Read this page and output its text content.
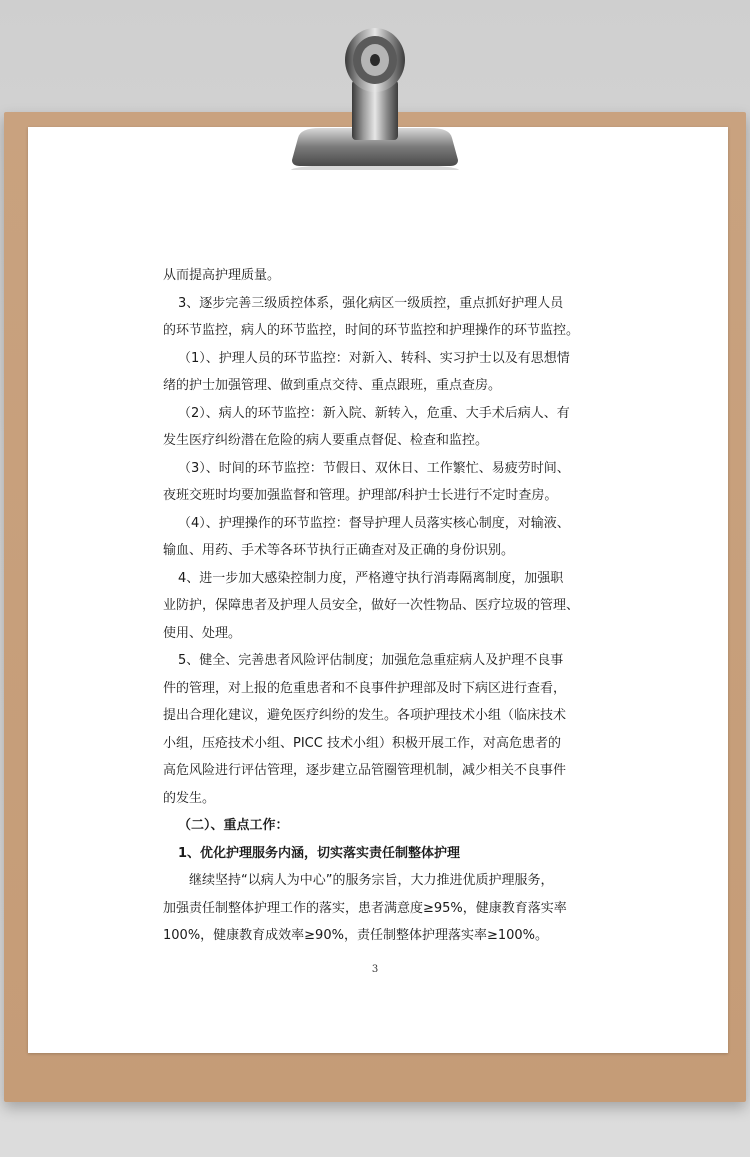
从而提高护理质量。

3、逐步完善三级质控体系，强化病区一级质控，重点抓好护理人员

的环节监控，病人的环节监控，时间的环节监控和护理操作的环节监控。

（1）、护理人员的环节监控：对新入、转科、实习护士以及有思想情

绪的护士加强管理、做到重点交待、重点跟班，重点查房。

（2）、病人的环节监控：新入院、新转入，危重、大手术后病人、有

发生医疗纠纷潜在危险的病人要重点督促、检查和监控。

（3）、时间的环节监控：节假日、双休日、工作繁忙、易疲劳时间、

夜班交班时均要加强监督和管理。护理部/科护士长进行不定时查房。

（4）、护理操作的环节监控：督导护理人员落实核心制度，对输液、

输血、用药、手术等各环节执行正确查对及正确的身份识别。

4、进一步加大感染控制力度，严格遵守执行消毒隔离制度，加强职

业防护，保障患者及护理人员安全，做好一次性物品、医疗垃圾的管理、

使用、处理。

5、健全、完善患者风险评估制度；加强危急重症病人及护理不良事

件的管理，对上报的危重患者和不良事件护理部及时下病区进行查看，

提出合理化建议，避免医疗纠纷的发生。各项护理技术小组（临床技术

小组，压疮技术小组、PICC 技术小组）积极开展工作，对高危患者的

高危风险进行评估管理，逐步建立品管圈管理机制，减少相关不良事件

的发生。

（二）、重点工作：

1、优化护理服务内涵，切实落实责任制整体护理

继续坚持“以病人为中心”的服务宗旨，大力推进优质护理服务，

加强责任制整体护理工作的落实，患者满意度≥95%，健康教育落实率

100%，健康教育成效率≥90%，责任制整体护理落实率≥100%。

3
